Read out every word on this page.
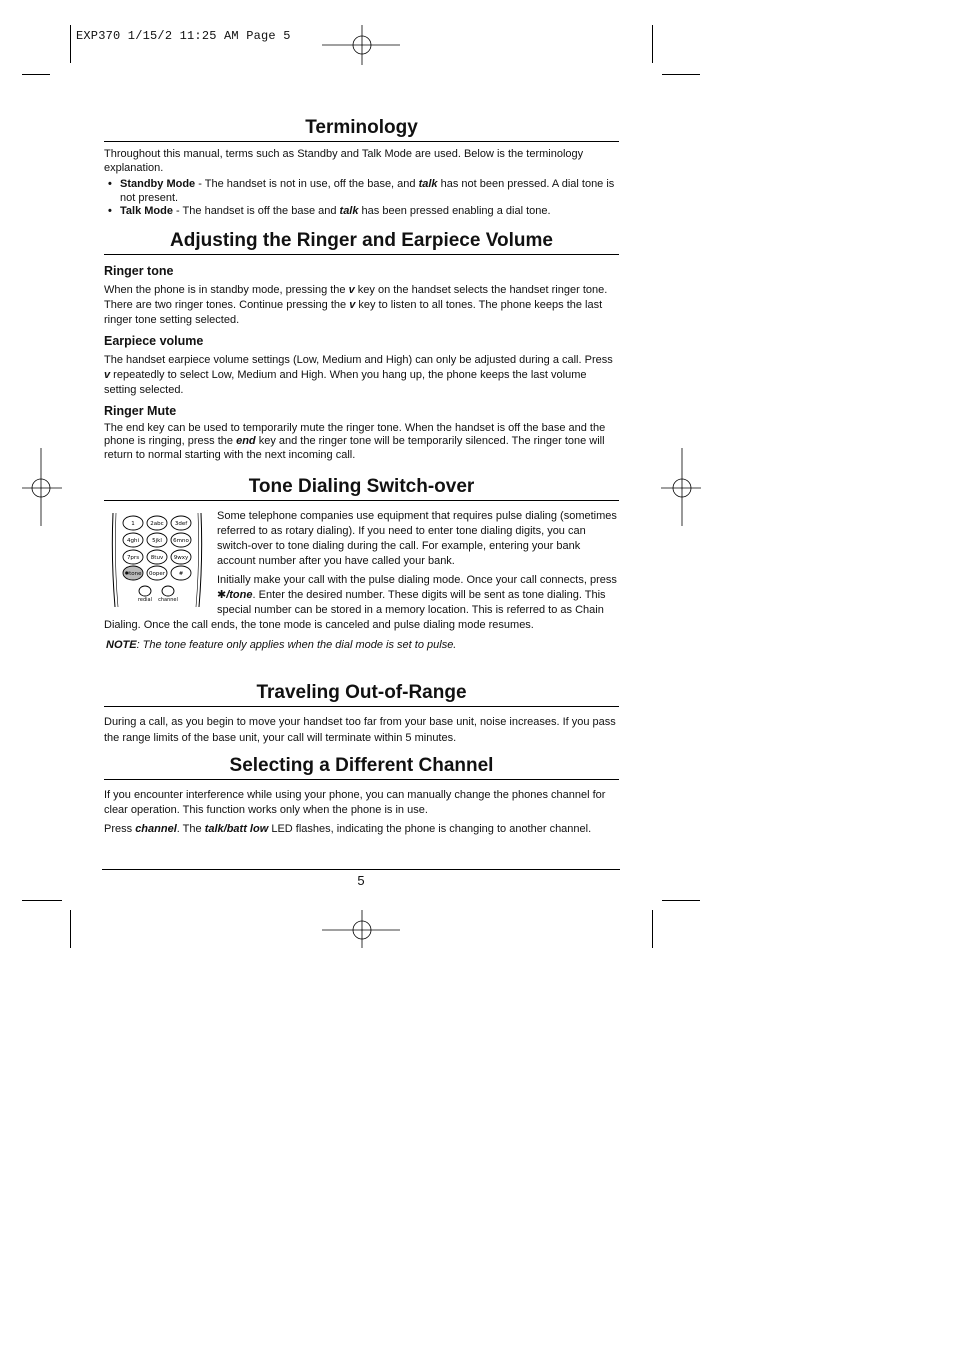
EXP370 1/15/2 11:25 AM Page 5
Terminology

Throughout this manual, terms such as Standby and Talk Mode are used. Below is the terminology explanation.

• Standby Mode - The handset is not in use, off the base, and talk has not been pressed. A dial tone is not present.
• Talk Mode - The handset is off the base and talk has been pressed enabling a dial tone.
Adjusting the Ringer and Earpiece Volume

Ringer tone

When the phone is in standby mode, pressing the v key on the handset selects the handset ringer tone. There are two ringer tones. Continue pressing the v key to listen to all tones. The phone keeps the last ringer tone setting selected.

Earpiece volume

The handset earpiece volume settings (Low, Medium and High) can only be adjusted during a call. Press v repeatedly to select Low, Medium and High. When you hang up, the phone keeps the last volume setting selected.

Ringer Mute

The end key can be used to temporarily mute the ringer tone. When the handset is off the base and the phone is ringing, press the end key and the ringer tone will be temporarily silenced. The ringer tone will return to normal starting with the next incoming call.

Tone Dialing Switch-over

Some telephone companies use equipment that requires pulse dialing (sometimes referred to as rotary dialing). If you need to enter tone dialing digits, you can switch-over to tone dialing during the call. For example, entering your bank account number after you have called your bank.

Initially make your call with the pulse dialing mode. Once your call connects, press ✱/tone. Enter the desired number. These digits will be sent as tone dialing. This special number can be stored in a memory location. This is referred to as Chain Dialing. Once the call ends, the tone mode is canceled and pulse dialing mode resumes.

NOTE: The tone feature only applies when the dial mode is set to pulse.

Traveling Out-of-Range

During a call, as you begin to move your handset too far from your base unit, noise increases. If you pass the range limits of the base unit, your call will terminate within 5 minutes.

Selecting a Different Channel

If you encounter interference while using your phone, you can manually change the phones channel for clear operation. This function works only when the phone is in use.

Press channel. The talk/batt low LED flashes, indicating the phone is changing to another channel.

1	2abc 3def
4ghi 5jkl 6mno
7prs 8tuv 9wxy
✱tone 0oper #
redial channel
5
